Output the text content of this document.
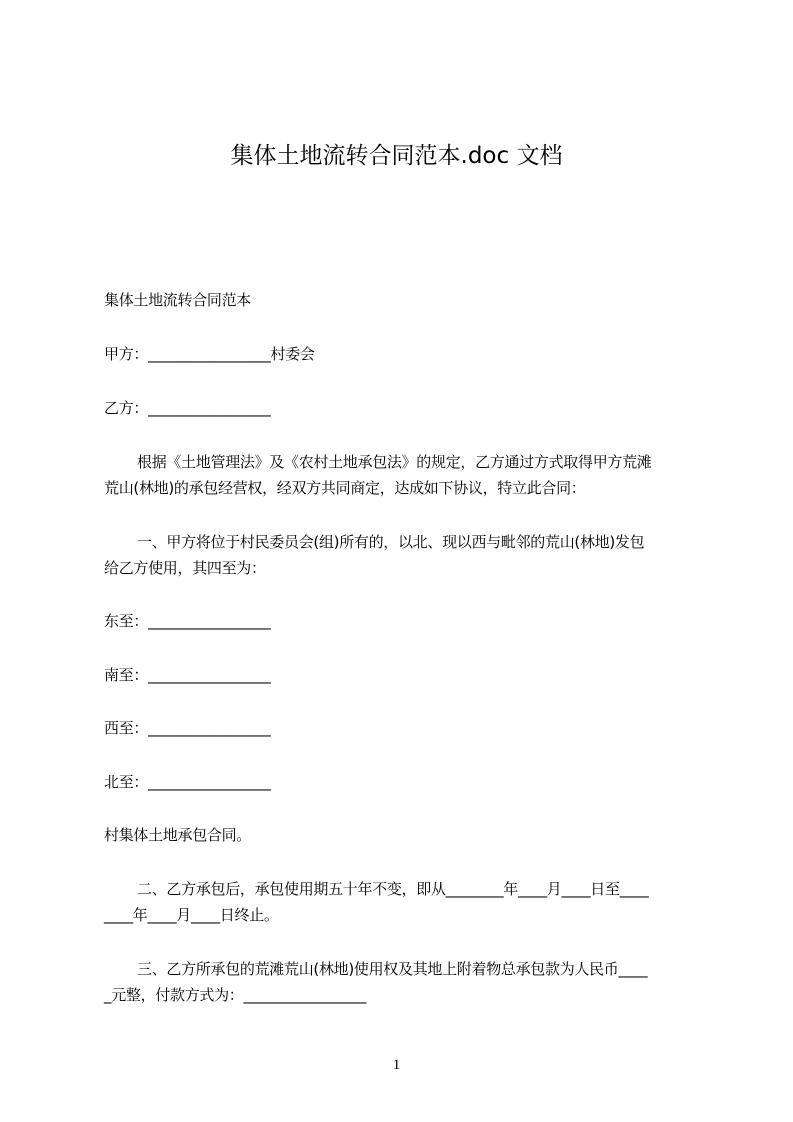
集体土地流转合同范本.doc 文档
集体土地流转合同范本
甲方：_________________村委会
乙方：_________________
根据《土地管理法》及《农村土地承包法》的规定，乙方通过方式取得甲方荒滩
荒山(林地)的承包经营权，经双方共同商定，达成如下协议，特立此合同：
一、甲方将位于村民委员会(组)所有的，以北、现以西与毗邻的荒山(林地)发包
给乙方使用，其四至为：
东至：_________________
南至：_________________
西至：_________________
北至：_________________
村集体土地承包合同。
二、乙方承包后，承包使用期五十年不变，即从________年____月____日至____
____年____月____日终止。
三、乙方所承包的荒滩荒山(林地)使用权及其地上附着物总承包款为人民币____
_元整，付款方式为：_________________
1
